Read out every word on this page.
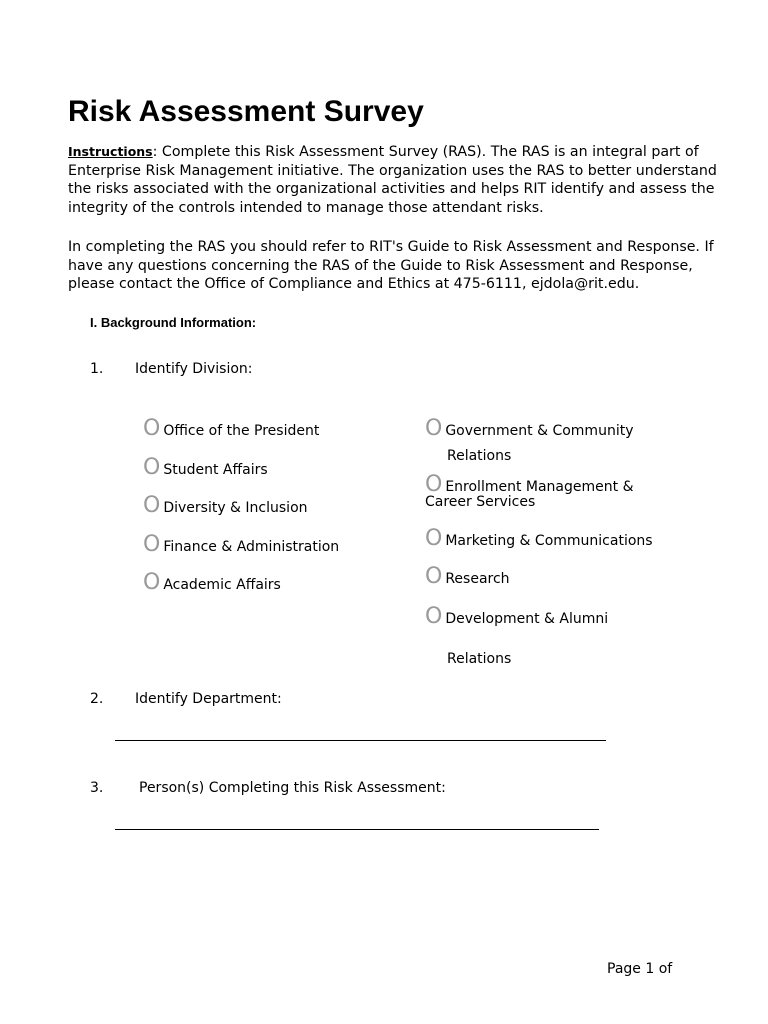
Risk Assessment Survey
Instructions: Complete this Risk Assessment Survey (RAS). The RAS is an integral part of Enterprise Risk Management initiative. The organization uses the RAS to better understand the risks associated with the organizational activities and helps RIT identify and assess the integrity of the controls intended to manage those attendant risks.
In completing the RAS you should refer to RIT's Guide to Risk Assessment and Response. If have any questions concerning the RAS of the Guide to Risk Assessment and Response, please contact the Office of Compliance and Ethics at 475-6111, ejdola@rit.edu.
I. Background Information:
1. Identify Division:
O Office of the President
O Student Affairs
O Diversity & Inclusion
O Finance & Administration
O Academic Affairs
O Government & Community
Relations
O Enrollment Management &
Career Services
O Marketing & Communications
O Research
O Development & Alumni
Relations
2. Identify Department:
3.	Person(s) Completing this Risk Assessment:
Page 1 of
